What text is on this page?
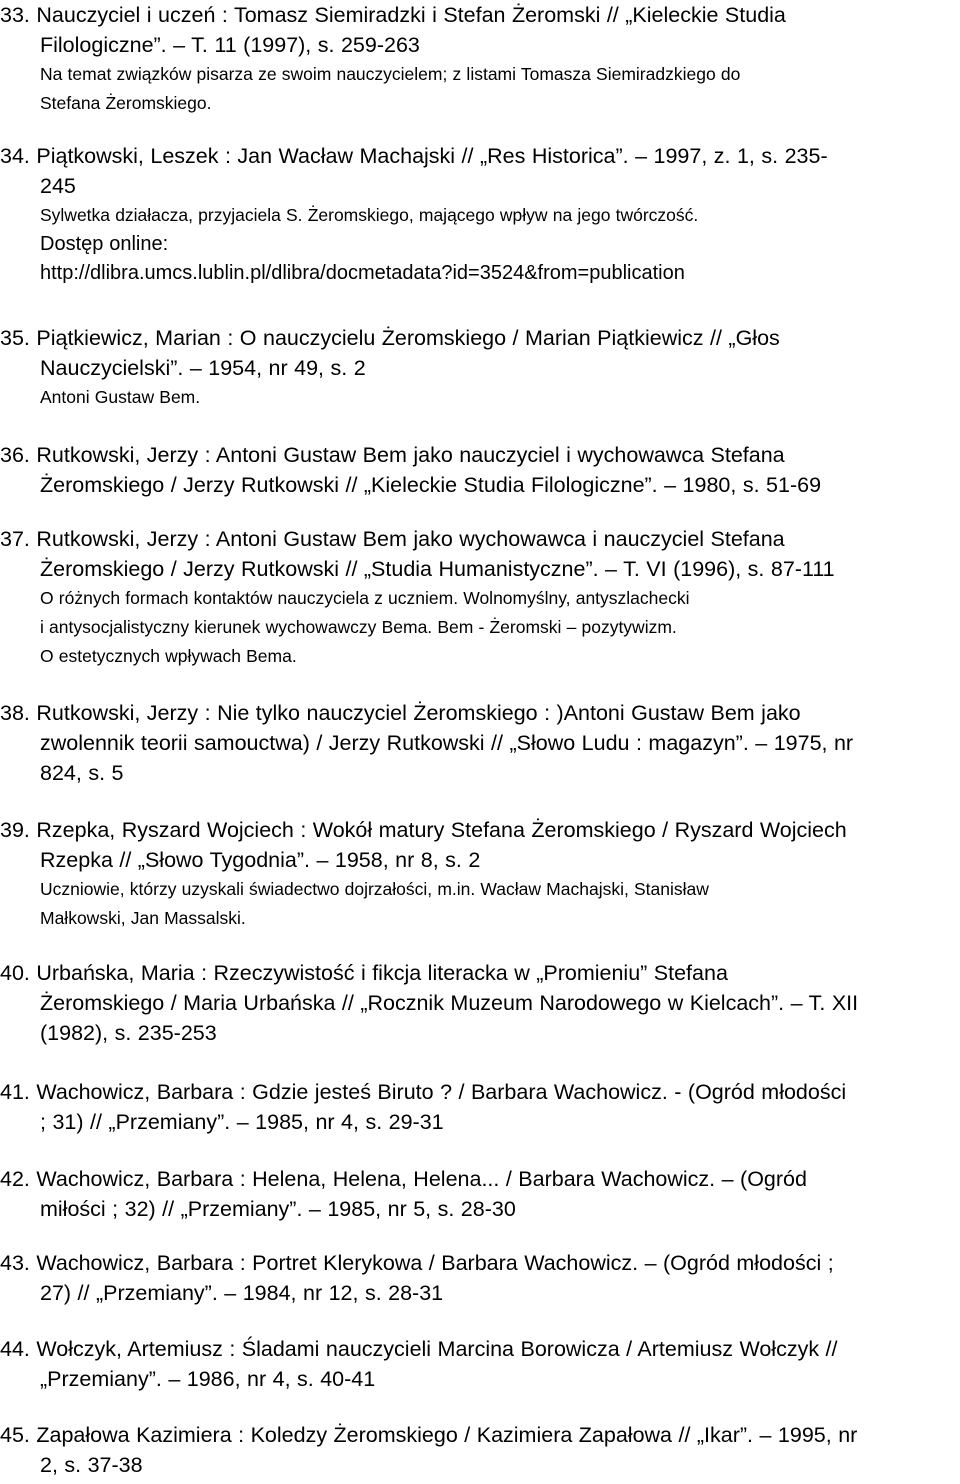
33. Nauczyciel i uczeń : Tomasz Siemiradzki i Stefan Żeromski // „Kieleckie Studia
Filologiczne”. – T. 11 (1997), s. 259-263

Na temat związków pisarza ze swoim nauczycielem; z listami Tomasza Siemiradzkiego do
Stefana Żeromskiego.

34. Piątkowski, Leszek : Jan Wacław Machajski // „Res Historica”. – 1997, z. 1, s. 235-
245

Sylwetka działacza, przyjaciela S. Żeromskiego, mającego wpływ na jego twórczość.
Dostęp online:
http://dlibra.umcs.lublin.pl/dlibra/docmetadata?id=3524&from=publication

35. Piątkiewicz, Marian : O nauczycielu Żeromskiego / Marian Piątkiewicz // „Głos
Nauczycielski”. – 1954, nr 49, s. 2

Antoni Gustaw Bem.

36. Rutkowski, Jerzy : Antoni Gustaw Bem jako nauczyciel i wychowawca Stefana
Żeromskiego / Jerzy Rutkowski // „Kieleckie Studia Filologiczne”. – 1980, s. 51-69

37. Rutkowski, Jerzy : Antoni Gustaw Bem jako wychowawca i nauczyciel Stefana
Żeromskiego / Jerzy Rutkowski // „Studia Humanistyczne”. – T. VI (1996), s. 87-111

O różnych formach kontaktów nauczyciela z uczniem. Wolnomyślny, antyszlachecki
i antysocjalistyczny kierunek wychowawczy Bema. Bem - Żeromski – pozytywizm.
O estetycznych wpływach Bema.

38. Rutkowski, Jerzy : Nie tylko nauczyciel Żeromskiego : )Antoni Gustaw Bem jako
zwolennik teorii samouctwa) / Jerzy Rutkowski // „Słowo Ludu : magazyn”. – 1975, nr
824, s. 5

39. Rzepka, Ryszard Wojciech : Wokół matury Stefana Żeromskiego / Ryszard Wojciech
Rzepka // „Słowo Tygodnia”. – 1958, nr 8, s. 2

Uczniowie, którzy uzyskali świadectwo dojrzałości, m.in. Wacław Machajski, Stanisław
Małkowski, Jan Massalski.

40. Urbańska, Maria : Rzeczywistość i fikcja literacka w „Promieniu” Stefana
Żeromskiego / Maria Urbańska // „Rocznik Muzeum Narodowego w Kielcach”. – T. XII
(1982), s. 235-253

41. Wachowicz, Barbara : Gdzie jesteś Biruto ? / Barbara Wachowicz. - (Ogród młodości
; 31) // „Przemiany”. – 1985, nr 4, s. 29-31

42. Wachowicz, Barbara : Helena, Helena, Helena... / Barbara Wachowicz. – (Ogród
miłości ; 32) // „Przemiany”. – 1985, nr 5, s. 28-30

43. Wachowicz, Barbara : Portret Klerykowa / Barbara Wachowicz. – (Ogród młodości ;
27) // „Przemiany”. – 1984, nr 12, s. 28-31

44. Wołczyk, Artemiusz : Śladami nauczycieli Marcina Borowicza / Artemiusz Wołczyk //
„Przemiany”. – 1986, nr 4, s. 40-41

45. Zapałowa Kazimiera : Koledzy Żeromskiego / Kazimiera Zapałowa // „Ikar”. – 1995, nr
2, s. 37-38
